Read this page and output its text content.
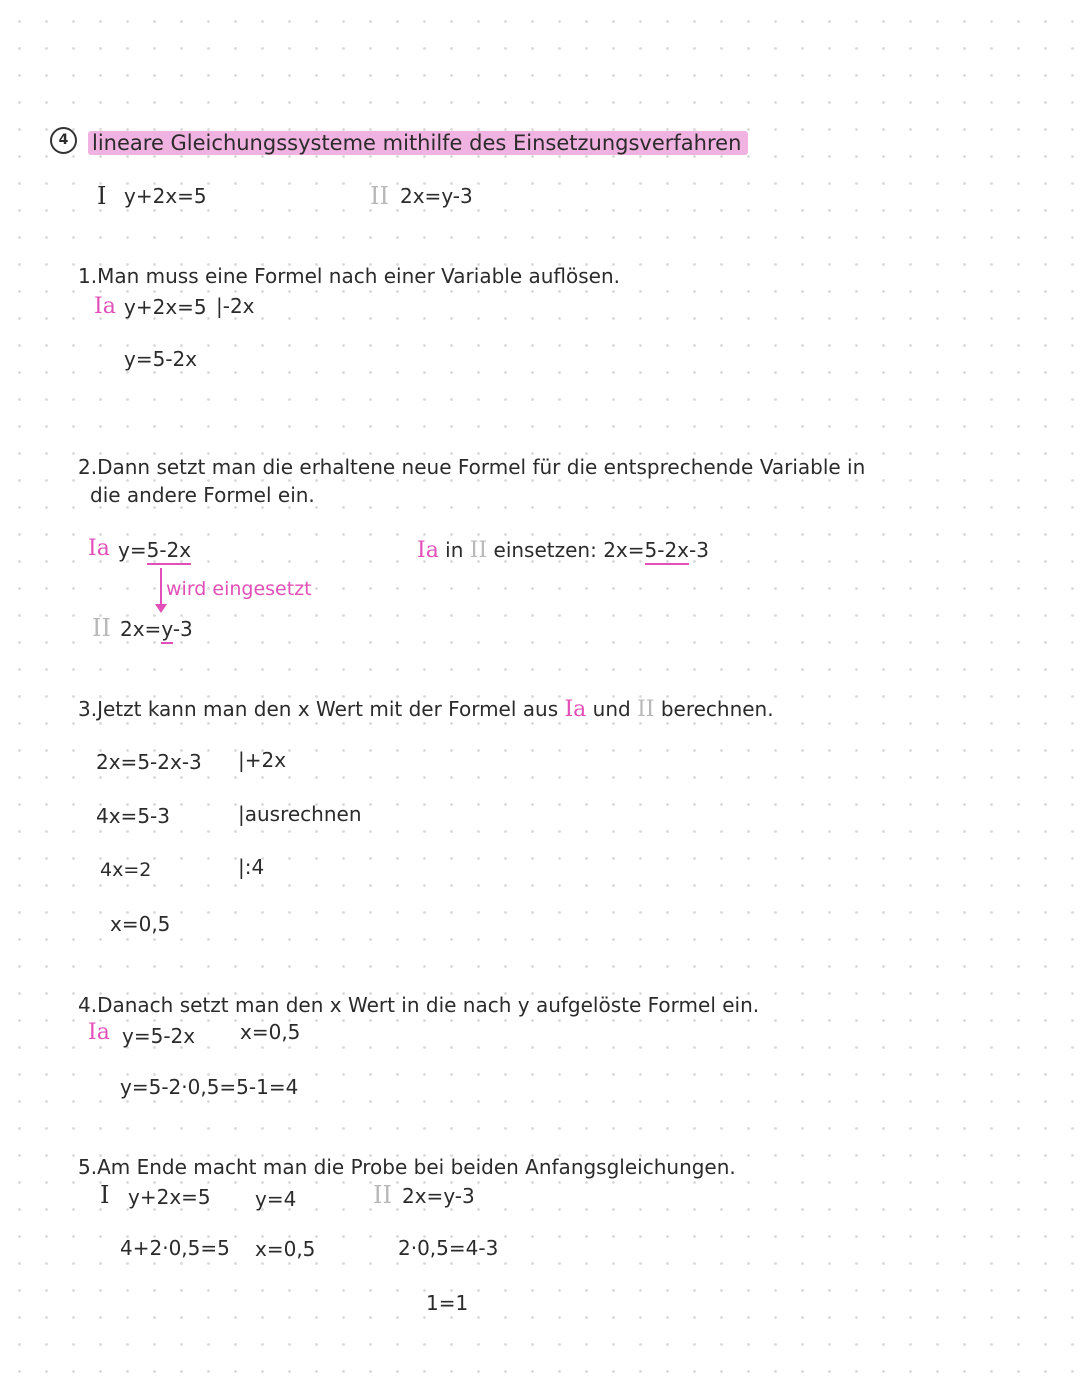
4	lineare Gleichungssysteme mithilfe des Einsetzungsverfahren
I y+2x=5	II 2x=y-3
1.Man muss eine Formel nach einer Variable auflösen.
Ia y+2x=5 |-2x
y=5-2x
2.Dann setzt man die erhaltene neue Formel für die entsprechende Variable in
die andere Formel ein.
Ia y=5-2x
wird eingesetzt
II 2x=y-3
Ia in II einsetzen: 2x=5-2x-3
3.Jetzt kann man den x Wert mit der Formel aus Ia und II berechnen.
2x=5-2x-3 |+2x
4x=5-3	|ausrechnen
4x=2	|:4
x=0,5
4.Danach setzt man den x Wert in die nach y aufgelöste Formel ein.
Ia y=5-2x x=0,5
y=5-2·0,5=5-1=4
5.Am Ende macht man die Probe bei beiden Anfangsgleichungen.
I y+2x=5 y=4	II 2x=y-3
4+2·0,5=5 x=0,5	2·0,5=4-3
1=1
